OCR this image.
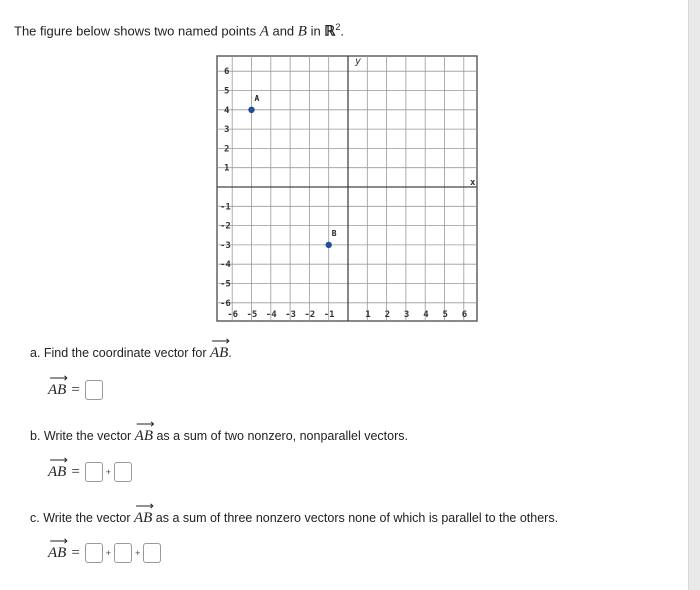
The figure below shows two named points A and B in ℝ$^2$.
6
5
4
3
2
1
-1
-2
-3
-4
-5
-6
-6 -5 -4 -3 -2 -1	1 2 3 4 5 6
y
x
A
B
a. Find the coordinate vector for
⟶
AB.
⟶
AB =
b. Write the vector
⟶
AB as a sum of two nonzero, nonparallel vectors.
⟶
AB =	+
c. Write the vector
⟶
AB as a sum of three nonzero vectors none of which is parallel to the others.
⟶
AB =	+	+
